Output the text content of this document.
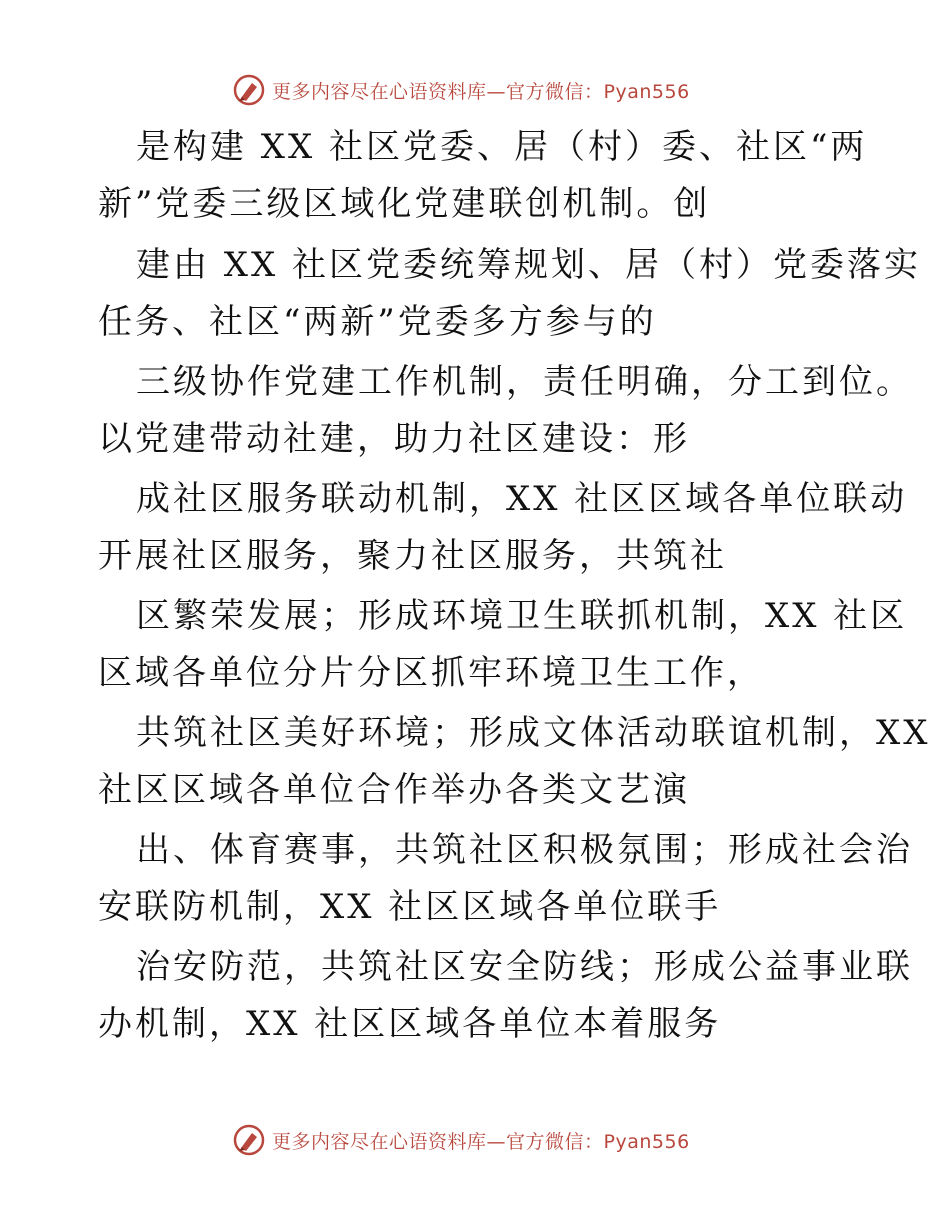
更多内容尽在心语资料库—官方微信：Pyan556
是构建 XX 社区党委、居（村）委、社区“两
新”党委三级区域化党建联创机制。创
建由 XX 社区党委统筹规划、居（村）党委落实
任务、社区“两新”党委多方参与的
三级协作党建工作机制，责任明确，分工到位。
以党建带动社建，助力社区建设：形
成社区服务联动机制，XX 社区区域各单位联动
开展社区服务，聚力社区服务，共筑社
区繁荣发展；形成环境卫生联抓机制，XX 社区
区域各单位分片分区抓牢环境卫生工作，
共筑社区美好环境；形成文体活动联谊机制，XX
社区区域各单位合作举办各类文艺演
出、体育赛事，共筑社区积极氛围；形成社会治
安联防机制，XX 社区区域各单位联手
治安防范，共筑社区安全防线；形成公益事业联
办机制，XX 社区区域各单位本着服务
更多内容尽在心语资料库—官方微信：Pyan556
